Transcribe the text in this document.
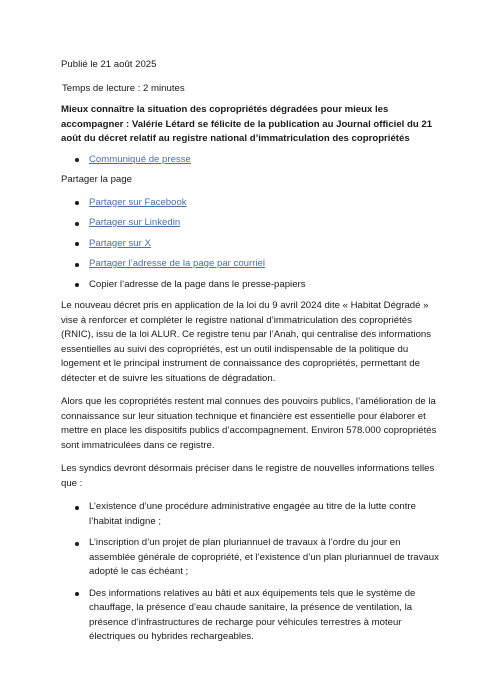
Publié le 21 août 2025

Temps de lecture : 2 minutes

Mieux connaître la situation des copropriétés dégradées pour mieux les accompagner : Valérie Létard se félicite de la publication au Journal officiel du 21 août du décret relatif au registre national d’immatriculation des copropriétés

Communiqué de presse

Partager la page

Partager sur Facebook
Partager sur Linkedin
Partager sur X
Partager l’adresse de la page par courriel
Copier l’adresse de la page dans le presse-papiers

Le nouveau décret pris en application de la loi du 9 avril 2024 dite « Habitat Dégradé » vise à renforcer et compléter le registre national d’immatriculation des copropriétés (RNIC), issu de la loi ALUR. Ce registre tenu par l’Anah, qui centralise des informations essentielles au suivi des copropriétés, est un outil indispensable de la politique du logement et le principal instrument de connaissance des copropriétés, permettant de détecter et de suivre les situations de dégradation.

Alors que les copropriétés restent mal connues des pouvoirs publics, l’amélioration de la connaissance sur leur situation technique et financière est essentielle pour élaborer et mettre en place les dispositifs publics d’accompagnement. Environ 578.000 copropriétés sont immatriculées dans ce registre.

Les syndics devront désormais préciser dans le registre de nouvelles informations telles que :

L’existence d’une procédure administrative engagée au titre de la lutte contre l’habitat indigne ;
L’inscription d’un projet de plan pluriannuel de travaux à l’ordre du jour en assemblée générale de copropriété, et l’existence d’un plan pluriannuel de travaux adopté le cas échéant ;
Des informations relatives au bâti et aux équipements tels que le système de chauffage, la présence d’eau chaude sanitaire, la présence de ventilation, la présence d’infrastructures de recharge pour véhicules terrestres à moteur électriques ou hybrides rechargeables.
